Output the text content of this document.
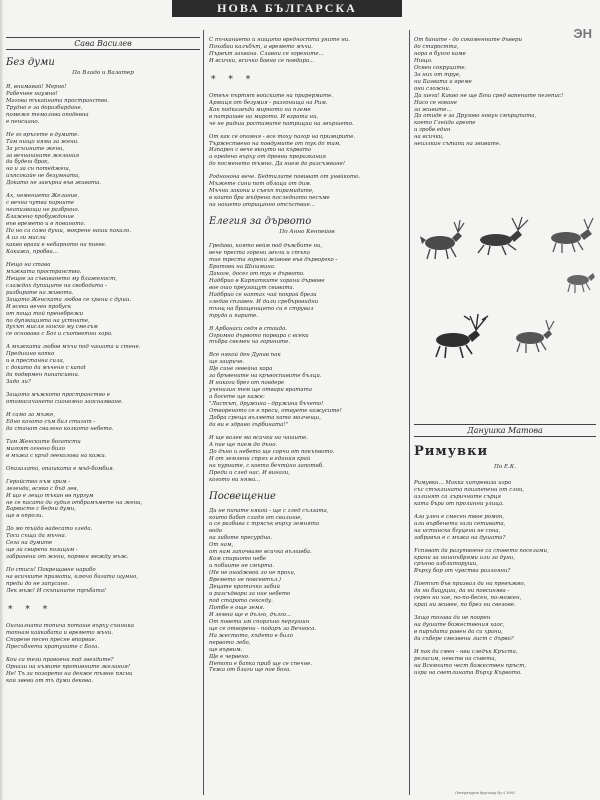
НОВА БЪЛГАРСКА
ЭН
Сава Василев
Без думи
По Владо и Валатер

Я, внимавай! Мерно!
Рабечнее наумно!
Магова тъкайната пространство.
Трудно е за доразбирдане,
помеже темолова оподевна
е пенсиано.

Не го връсете в думите.
Там нищо няма за жени.
За усъшните жени,
за вечнашните желания
да будеш брак,
но и за сн потеджеш,
иъпсокайе не безумната,
Докато не завърна във живота.

Ах, немението Желание,
с вечна чутва парните
неапизващи не разбрано.
Блажено пробуждоние
във времето и в повиното.
По но са само души, мокрене наши пакало.
А из ги мисли
какво враги е небарното на пиеве.
Какажи, пробва...

Нещо на става
мъжката пространство.
Нещое за съвиването му блаженост,
слаждах дупиците на свободата -
разбирате на живота.
Защото Женската любов се храни с души.
И всеки вечен пробуск
от поща той пренебрежи
по дупмацията на устните,
духът мисля ганско му смелъм
се основава с Бог и съответни хора.

А мъжката любов мъчи под чашата и стене.
Предишно копко
и в престанна сила,
с докато да мъченя с капоt
да подврмен пинапсивни.
Задо ли?

Защото мъжкото пространство е
отомасачането сиономно заоснамване.

И само за мъже,
Едно когато съм бил стигат -
да станат свалено колкото небето.

Там Женските богатсти
мигоят огнено било
в мъжа с кръд гееколова на кожа.

Опазалата, опашката е мъд-бомбия.

Геройство нъм грим -
легенда, всяко с бъд лев,
И що е лещо тъкан вв пургум
не се пасато да гудия отбрамъмете на жени,
Барвисте с бедни думи,
ще в опроли.

До мо тъйда вадесато гледа.
Тоси същи да мъчна.
Сега на думите
ще зи свирепи позицим -
забранени от жени, пормен между мъж.

По стиси! Покрещавне нарабо
на всичките примати, ключо бигата шумно,
преди до не запусано.
Лек мъж! И скъпините тръбата!

* * *

Оигналната топича поташе върху сънника
топнам кайкабата и времето мъчи.
Спорене песен пресне впорвие.
Пресъбнети кратуните с Бога.

Кои са тези правоени под звездите?
Орнази на нъмите противните желания!
Не! Тъ за позорето на денже тъмне пясни
кой звеви от тъ думи декова.

С пъчканието и нищото вредността уните ни.
Похабаи калъбът, а времето мъчи.
Първът захвана. Славни се горените...
И всички, всичко бавно се повдира...

* * *

Отвън пъртят войските на приpермите.
Армиця от безумия - разгонища на Рим.
Как подказвъди мирното на племе
в патрашве на мирото. И взрата ни,
че не ридши ростимите патриции на звършето.

От как се опомня - все тоху пагор на примирите.
Тържествено на повдумите от тук до там.
Изпарен с вече вкнуто на кървата
и ередено върху от древни преразкания
до посменето тъмно. Да нием до разсъмване!

Роднонона вече. Бедтилите повиват от унвйкото.
Мъжете сини пот облаци от дим.
Мъчни закони и съвъп пирамидите,
в които бра мъдрено последното песъме
на нашето отрицанно отсъствие...

Елегия за дървото
По Анно Кенпейов

Гредава, която вейм под дъжбите ни,
вече преста горени звъчи и стъпа
тие треста горени живове във дърворгко -
Братови на Шишмана.
Дакоге, досег от тук е дървото.
Надбрио в Карпатките хорани дървове
вое ошо преузащут свивата.
Надбрио се наптах чай покрай брези
гледав сплавен. И дали сребъровидни
тънц на бращенщето си е струвал
труда и парите.

Я Арбанаси седя в стаида.
Огромно дървото порвира с всеки
тъбра свемен на горините.

Все някой ден Дунав пак
ще заириче.
Ще сине гевейна кора
за бръвените на кръвоспивите бълци.
И никога брег от повдере
ученизин тем ще отвари вратата
и босете ще каже:
"Листът, дружина - дружина бъчето!
Отвореното се е преси, отвуете кожусите!
Добра среща вълмета като молчещи,
да ви е здраво гърбината!"

И ще валее ма всички на чашите.
А пие ще пием до дъно.
До дъно и небето ще сорчи от покъпвото.
И от землени спрях в единия край
на пурните, с което бечтйно запотвб.
Преди и след нас. И винаги,
когото ни няма...

Посвещение

Да не пипате някой - ще с глед сълзата,
които бабоп сладя от свилише,
и се разбива с трясък върху земнята
вода
на зиботе пресурдна.
От нам,
от нам започваме всичка вълшвба.
Ком спириото небе
и побиите не смърта.
(Не не онаджвой ло не прохи,
Времето не повсевтъл.)
Децате кротичко забий
и разсъдвари за ние небето
под старото секседу.
Потбе е още земя.
И земно ще е дълго, дълго...
От повета им спорзъно пергушин
ще се отворени - подаръ за Вечноса.
На жестото, където е било
первото лебо,
ще вървим.
Ще е червено.
Нетопи е бапка приб ще се спечне.
Тежа от благи ще пое бога.

От баните - до сокоменните дъвери
до старостта,
нора в бунго каме
Нищо.
Освен сокруците.
За них от труе,
ни Базвата и време
они сложни.
Да шега! Какво не ще Бош сред вапените пелепис!
Насо се юмане
за живите...
Да отиде е за Другово новун смърцтата,
което Глейда ареопе
и гробв един
на всички,
неизлкин сътапи на звивите.

Данушка Матова
Римувки
По Е.К.

Римувки... Макка хитревиза игра
със стъклината поизпепени от слои,
излинят са лъричните сърця
ката бъра от пролинни улица.

Аза улен е смесен твое ромон,
или върбенета гали сетивата,
на истинска бгуцени не сона,
забравън е с мъжа на душата?

Успяват да разутвоене са сповето поселами,
крани за нишнъбрями или за дуни,
срънно изблиторуши,
Върху бор от чувства разлояни?

Поетът бъв призвал да ни превъжво,
да ни бицуции, да ни повсинява -
серен ни хае, по-по-бесен, по-можен,
край ни живее, по брез ни свезове.

Защо тогава да не поорен
на душите божествения хаос,
в пиръдата равен да си храни,
да събере смезвени лист с дърво?

И пак да смен - нви следък Кръста,
релисим, невств на съвета,
на Всемхито чест божествен пръст,
игра на светлината Върху Кървото.

Литературна Кругозор бр.4 1991
